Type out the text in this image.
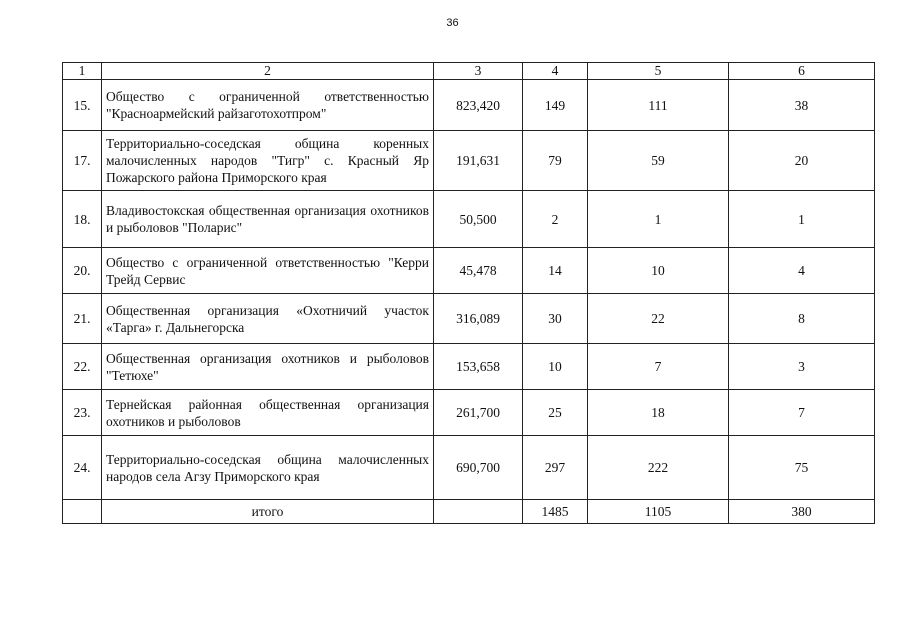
36
1	2	3	4	5	6
15.	Общество с ограниченной ответственностью "Красноармейский райзаготохотпром"	823,420	149	111	38
17.	Территориально-соседская община коренных малочисленных народов "Тигр" с. Красный Яр Пожарского района Приморского края	191,631	79	59	20
18.	Владивостокская общественная организация охотников и рыболовов "Поларис"	50,500	2	1	1
20.	Общество с ограниченной ответственностью "Керри Трейд Сервис	45,478	14	10	4
21.	Общественная организация «Охотничий участок «Тарга» г. Дальнегорска	316,089	30	22	8
22.	Общественная организация охотников и рыболовов "Тетюхе"	153,658	10	7	3
23.	Тернейская районная общественная организация охотников и рыболовов	261,700	25	18	7
24.	Территориально-соседская община малочисленных народов села Агзу Приморского края	690,700	297	222	75
	итого		1485	1105	380
